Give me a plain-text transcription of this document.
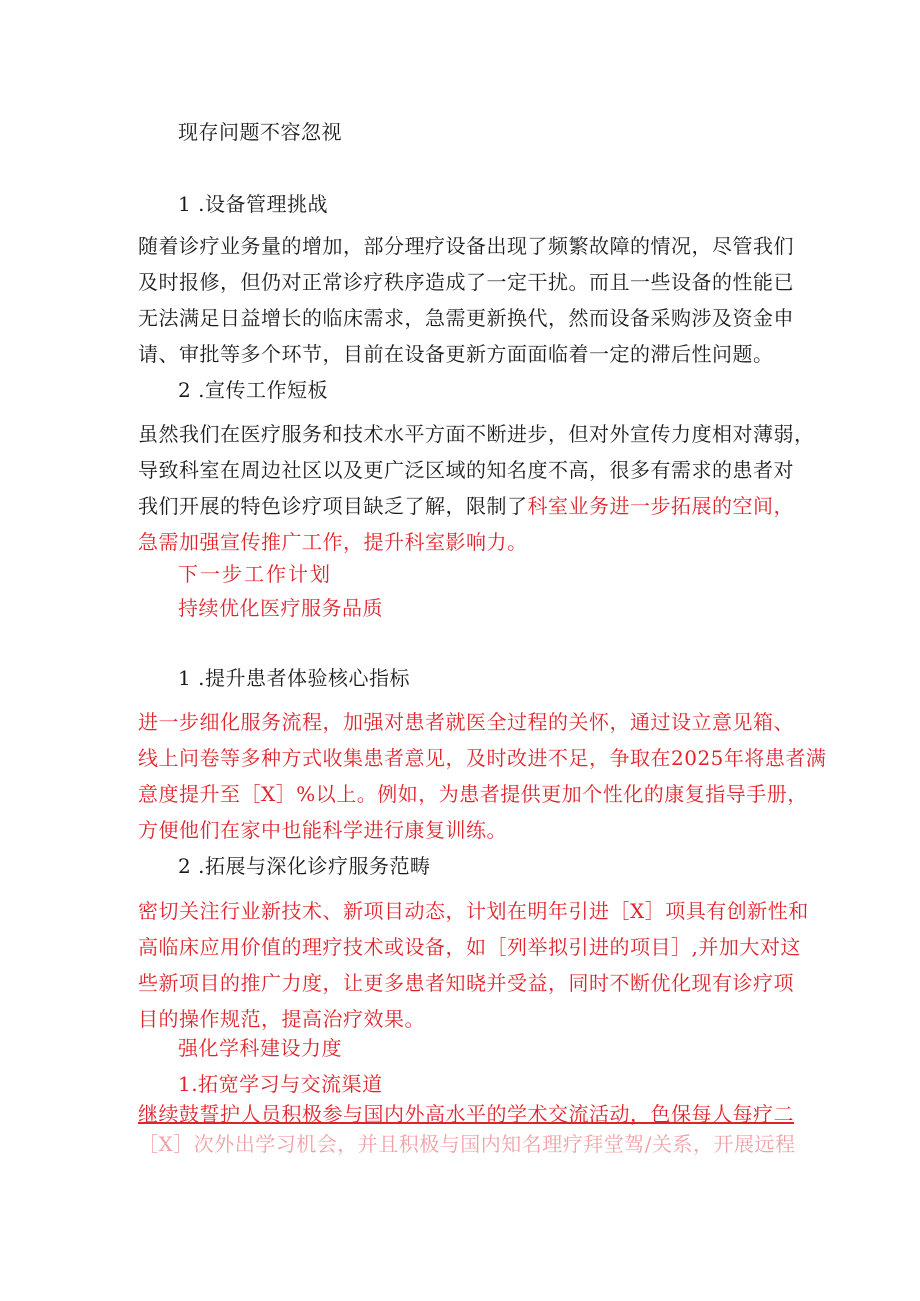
现存问题不容忽视
1 .设备管理挑战
随着诊疗业务量的增加，部分理疗设备出现了频繁故障的情况，尽管我们
及时报修，但仍对正常诊疗秩序造成了一定干扰。而且一些设备的性能已
无法满足日益增长的临床需求，急需更新换代，然而设备采购涉及资金申
请、审批等多个环节，目前在设备更新方面面临着一定的滞后性问题。
2 .宣传工作短板
虽然我们在医疗服务和技术水平方面不断进步，但对外宣传力度相对薄弱，
导致科室在周边社区以及更广泛区域的知名度不高，很多有需求的患者对
我们开展的特色诊疗项目缺乏了解，限制了科室业务进一步拓展的空间，
急需加强宣传推广工作，提升科室影响力。
下一步工作计划
持续优化医疗服务品质
1 .提升患者体验核心指标
进一步细化服务流程，加强对患者就医全过程的关怀，通过设立意见箱、
线上问卷等多种方式收集患者意见，及时改进不足，争取在2025年将患者满
意度提升至［X］%以上。例如，为患者提供更加个性化的康复指导手册，
方便他们在家中也能科学进行康复训练。
2 .拓展与深化诊疗服务范畴
密切关注行业新技术、新项目动态，计划在明年引进［X］项具有创新性和
高临床应用价值的理疗技术或设备，如［列举拟引进的项目］,并加大对这
些新项目的推广力度，让更多患者知晓并受益，同时不断优化现有诊疗项
目的操作规范，提高治疗效果。
强化学科建设力度
1.拓宽学习与交流渠道
继续鼓誓护人员积极参与国内外高水平的学术交流活动，色保每人每疗二
［X］次外出学习机会，并且积极与国内知名理疗拜堂驾/关系，开展远程
